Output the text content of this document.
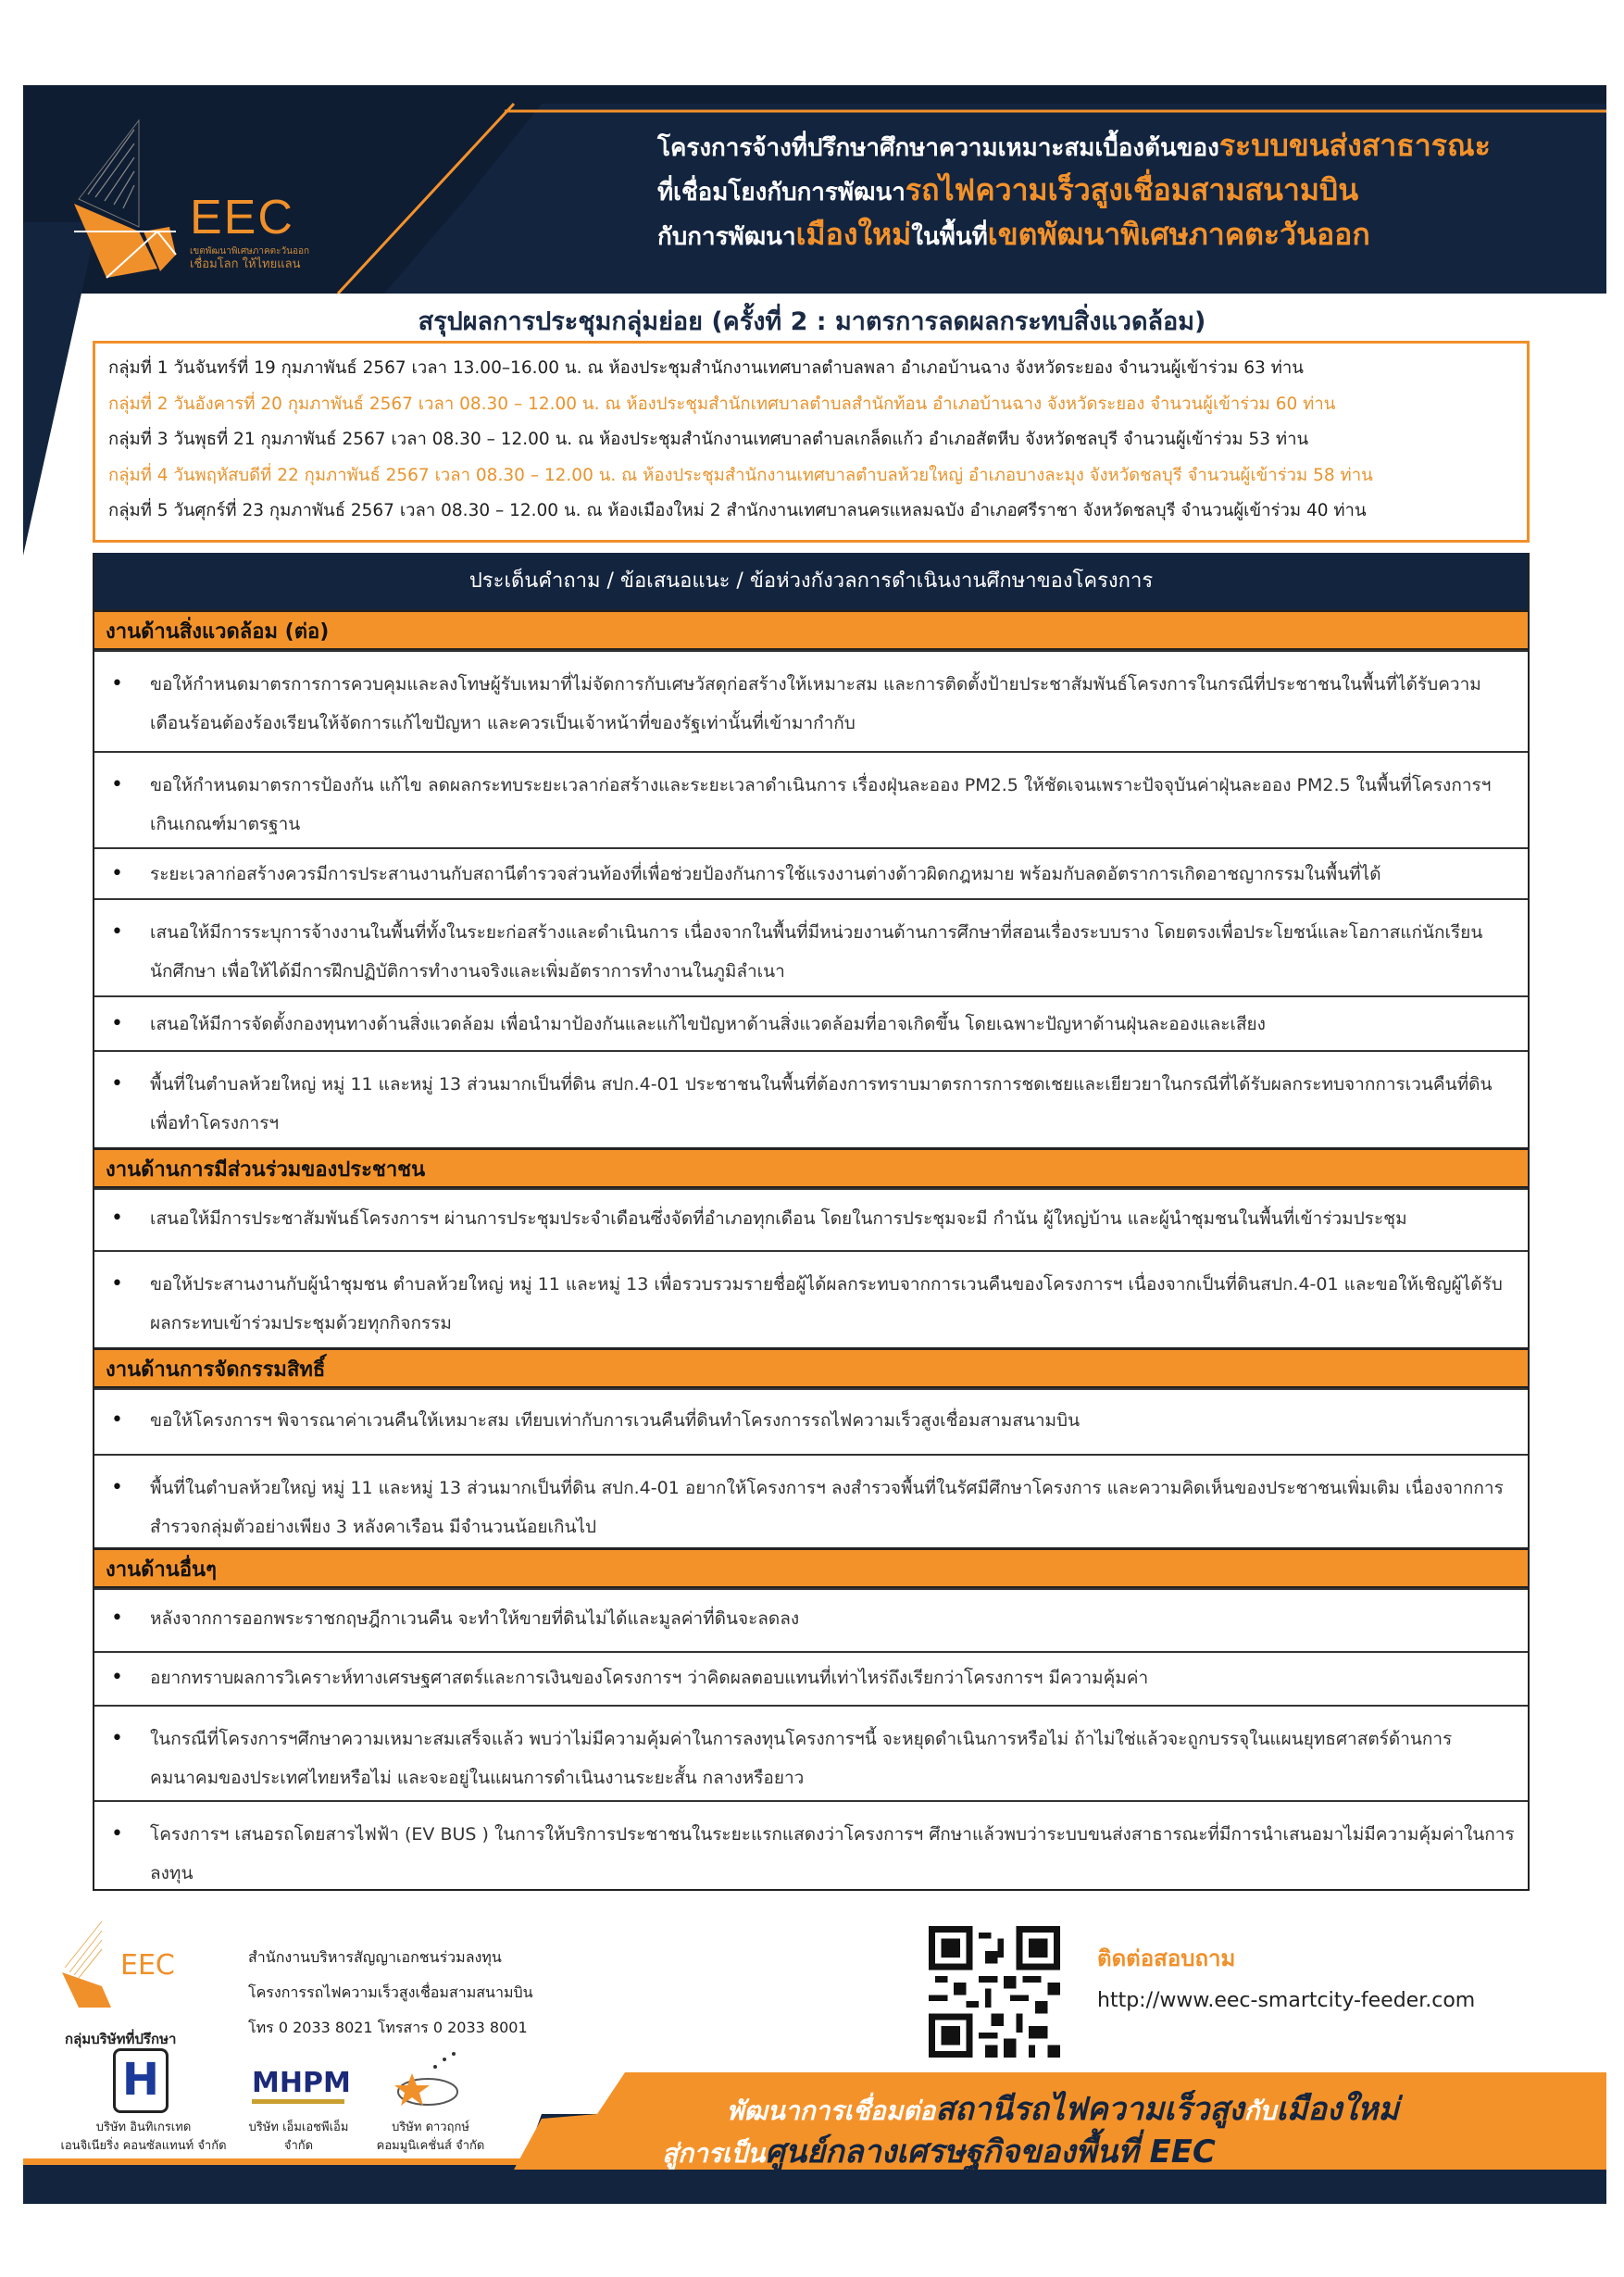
โครงการจ้างที่ปรึกษาศึกษาความเหมาะสมเบื้องต้นของระบบขนส่งสาธารณะ
ที่เชื่อมโยงกับการพัฒนารถไฟความเร็วสูงเชื่อมสามสนามบิน
กับการพัฒนาเมืองใหม่ในพื้นที่เขตพัฒนาพิเศษภาคตะวันออก
EEC
เขตพัฒนาพิเศษภาคตะวันออก
เชื่อมโลก ให้ไทยแลน
สรุปผลการประชุมกลุ่มย่อย (ครั้งที่ 2 : มาตรการลดผลกระทบสิ่งแวดล้อม)
กลุ่มที่ 1 วันจันทร์ที่ 19 กุมภาพันธ์ 2567 เวลา 13.00–16.00 น. ณ ห้องประชุมสำนักงานเทศบาลตำบลพลา อำเภอบ้านฉาง จังหวัดระยอง จำนวนผู้เข้าร่วม 63 ท่าน
กลุ่มที่ 2 วันอังคารที่ 20 กุมภาพันธ์ 2567 เวลา 08.30 – 12.00 น. ณ ห้องประชุมสำนักเทศบาลตำบลสำนักท้อน อำเภอบ้านฉาง จังหวัดระยอง จำนวนผู้เข้าร่วม 60 ท่าน
กลุ่มที่ 3 วันพุธที่ 21 กุมภาพันธ์ 2567 เวลา 08.30 – 12.00 น. ณ ห้องประชุมสำนักงานเทศบาลตำบลเกล็ดแก้ว อำเภอสัตหีบ จังหวัดชลบุรี จำนวนผู้เข้าร่วม 53 ท่าน
กลุ่มที่ 4 วันพฤหัสบดีที่ 22 กุมภาพันธ์ 2567 เวลา 08.30 – 12.00 น. ณ ห้องประชุมสำนักงานเทศบาลตำบลห้วยใหญ่ อำเภอบางละมุง จังหวัดชลบุรี จำนวนผู้เข้าร่วม 58 ท่าน
กลุ่มที่ 5 วันศุกร์ที่ 23 กุมภาพันธ์ 2567 เวลา 08.30 – 12.00 น. ณ ห้องเมืองใหม่ 2 สำนักงานเทศบาลนครแหลมฉบัง อำเภอศรีราชา จังหวัดชลบุรี จำนวนผู้เข้าร่วม 40 ท่าน
ประเด็นคำถาม / ข้อเสนอแนะ / ข้อห่วงกังวลการดำเนินงานศึกษาของโครงการ
งานด้านสิ่งแวดล้อม (ต่อ)
• ขอให้กำหนดมาตรการการควบคุมและลงโทษผู้รับเหมาที่ไม่จัดการกับเศษวัสดุก่อสร้างให้เหมาะสม และการติดตั้งป้ายประชาสัมพันธ์โครงการในกรณีที่ประชาชนในพื้นที่ได้รับความเดือนร้อนต้องร้องเรียนให้จัดการแก้ไขปัญหา และควรเป็นเจ้าหน้าที่ของรัฐเท่านั้นที่เข้ามากำกับ
• ขอให้กำหนดมาตรการป้องกัน แก้ไข ลดผลกระทบระยะเวลาก่อสร้างและระยะเวลาดำเนินการ เรื่องฝุ่นละออง PM2.5 ให้ชัดเจนเพราะปัจจุบันค่าฝุ่นละออง PM2.5 ในพื้นที่โครงการฯ เกินเกณฑ์มาตรฐาน
• ระยะเวลาก่อสร้างควรมีการประสานงานกับสถานีตำรวจส่วนท้องที่เพื่อช่วยป้องกันการใช้แรงงานต่างด้าวผิดกฎหมาย พร้อมกับลดอัตราการเกิดอาชญากรรมในพื้นที่ได้
• เสนอให้มีการระบุการจ้างงานในพื้นที่ทั้งในระยะก่อสร้างและดำเนินการ เนื่องจากในพื้นที่มีหน่วยงานด้านการศึกษาที่สอนเรื่องระบบราง โดยตรงเพื่อประโยชน์และโอกาสแก่นักเรียน นักศึกษา เพื่อให้ได้มีการฝึกปฏิบัติการทำงานจริงและเพิ่มอัตราการทำงานในภูมิลำเนา
• เสนอให้มีการจัดตั้งกองทุนทางด้านสิ่งแวดล้อม เพื่อนำมาป้องกันและแก้ไขปัญหาด้านสิ่งแวดล้อมที่อาจเกิดขึ้น โดยเฉพาะปัญหาด้านฝุ่นละอองและเสียง
• พื้นที่ในตำบลห้วยใหญ่ หมู่ 11 และหมู่ 13 ส่วนมากเป็นที่ดิน สปก.4-01 ประชาชนในพื้นที่ต้องการทราบมาตรการการชดเชยและเยียวยาในกรณีที่ได้รับผลกระทบจากการเวนคืนที่ดินเพื่อทำโครงการฯ
งานด้านการมีส่วนร่วมของประชาชน
• เสนอให้มีการประชาสัมพันธ์โครงการฯ ผ่านการประชุมประจำเดือนซึ่งจัดที่อำเภอทุกเดือน โดยในการประชุมจะมี กำนัน ผู้ใหญ่บ้าน และผู้นำชุมชนในพื้นที่เข้าร่วมประชุม
• ขอให้ประสานงานกับผู้นำชุมชน ตำบลห้วยใหญ่ หมู่ 11 และหมู่ 13 เพื่อรวบรวมรายชื่อผู้ได้ผลกระทบจากการเวนคืนของโครงการฯ เนื่องจากเป็นที่ดินสปก.4-01 และขอให้เชิญผู้ได้รับผลกระทบเข้าร่วมประชุมด้วยทุกกิจกรรม
งานด้านการจัดกรรมสิทธิ์
• ขอให้โครงการฯ พิจารณาค่าเวนคืนให้เหมาะสม เทียบเท่ากับการเวนคืนที่ดินทำโครงการรถไฟความเร็วสูงเชื่อมสามสนามบิน
• พื้นที่ในตำบลห้วยใหญ่ หมู่ 11 และหมู่ 13 ส่วนมากเป็นที่ดิน สปก.4-01 อยากให้โครงการฯ ลงสำรวจพื้นที่ในรัศมีศึกษาโครงการ และความคิดเห็นของประชาชนเพิ่มเติม เนื่องจากการสำรวจกลุ่มตัวอย่างเพียง 3 หลังคาเรือน มีจำนวนน้อยเกินไป
งานด้านอื่นๆ
• หลังจากการออกพระราชกฤษฎีกาเวนคืน จะทำให้ขายที่ดินไม่ได้และมูลค่าที่ดินจะลดลง
• อยากทราบผลการวิเคราะห์ทางเศรษฐศาสตร์และการเงินของโครงการฯ ว่าคิดผลตอบแทนที่เท่าไหร่ถึงเรียกว่าโครงการฯ มีความคุ้มค่า
• ในกรณีที่โครงการฯศึกษาความเหมาะสมเสร็จแล้ว พบว่าไม่มีความคุ้มค่าในการลงทุนโครงการฯนี้ จะหยุดดำเนินการหรือไม่ ถ้าไม่ใช่แล้วจะถูกบรรจุในแผนยุทธศาสตร์ด้านการคมนาคมของประเทศไทยหรือไม่ และจะอยู่ในแผนการดำเนินงานระยะสั้น กลางหรือยาว
• โครงการฯ เสนอรถโดยสารไฟฟ้า (EV BUS ) ในการให้บริการประชาชนในระยะแรกแสดงว่าโครงการฯ ศึกษาแล้วพบว่าระบบขนส่งสาธารณะที่มีการนำเสนอมาไม่มีความคุ้มค่าในการลงทุน
EEC	สำนักงานบริหารสัญญาเอกชนร่วมลงทุน
โครงการรถไฟความเร็วสูงเชื่อมสามสนามบิน
โทร 0 2033 8021 โทรสาร 0 2033 8001
กลุ่มบริษัทที่ปรึกษา
H
บริษัท อินทิเกรเทด
เอนจิเนียริ่ง คอนซัลแทนท์ จำกัด
MHPM
บริษัท เอ็มเอชพีเอ็ม
จำกัด
บริษัท ดาวฤกษ์
คอมมูนิเคชั่นส์ จำกัด
ติดต่อสอบถาม
http://www.eec-smartcity-feeder.com
พัฒนาการเชื่อมต่อสถานีรถไฟความเร็วสูงกับเมืองใหม่
สู่การเป็นศูนย์กลางเศรษฐกิจของพื้นที่ EEC
